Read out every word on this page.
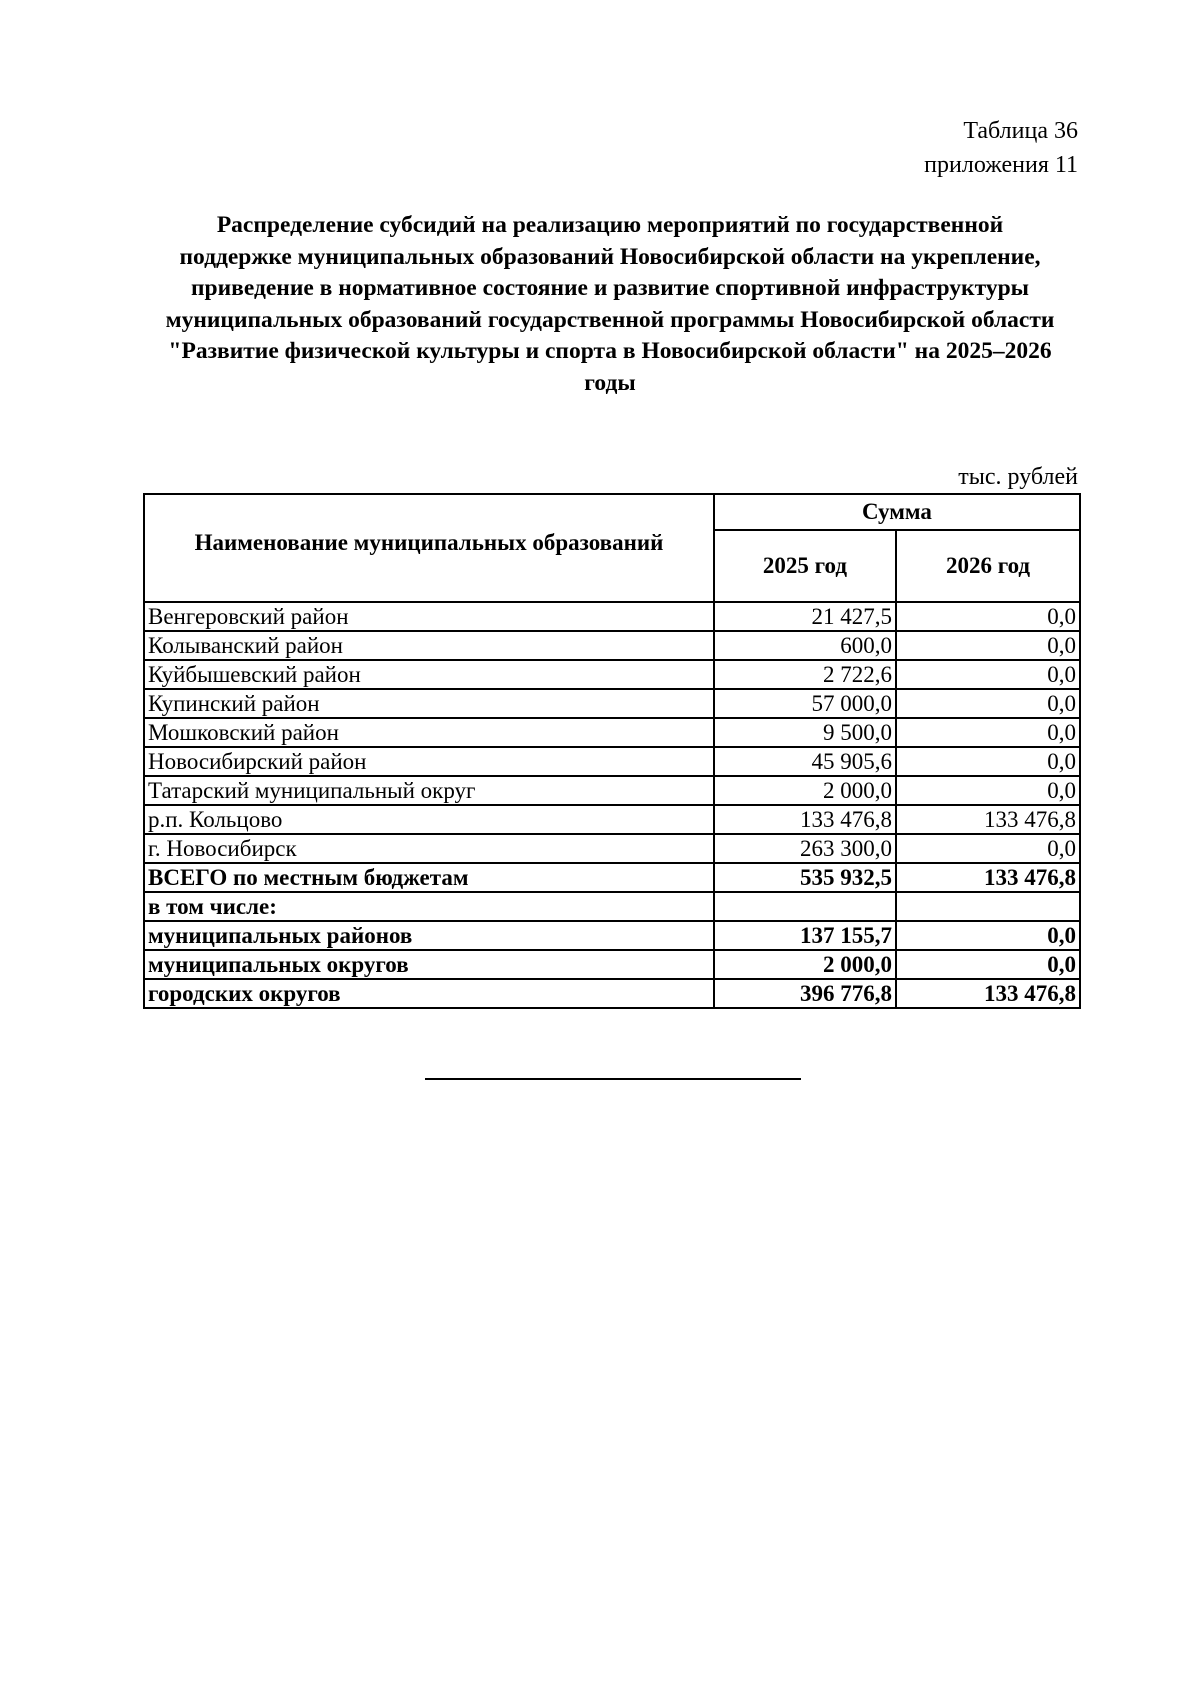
Таблица 36
приложения 11
Распределение субсидий на реализацию мероприятий по государственной
поддержке муниципальных образований Новосибирской области на укрепление,
приведение в нормативное состояние и развитие спортивной инфраструктуры
муниципальных образований государственной программы Новосибирской области
"Развитие физической культуры и спорта в Новосибирской области" на 2025–2026
годы
тыс. рублей
Наименование муниципальных образований	Сумма	
	2025 год	2026 год
Венгеровский район	21 427,5	0,0
Колыванский район	600,0	0,0
Куйбышевский район	2 722,6	0,0
Купинский район	57 000,0	0,0
Мошковский район	9 500,0	0,0
Новосибирский район	45 905,6	0,0
Татарский муниципальный округ	2 000,0	0,0
р.п. Кольцово	133 476,8	133 476,8
г. Новосибирск	263 300,0	0,0
ВСЕГО по местным бюджетам	535 932,5	133 476,8
в том числе:		
муниципальных районов	137 155,7	0,0
муниципальных округов	2 000,0	0,0
городских округов	396 776,8	133 476,8
